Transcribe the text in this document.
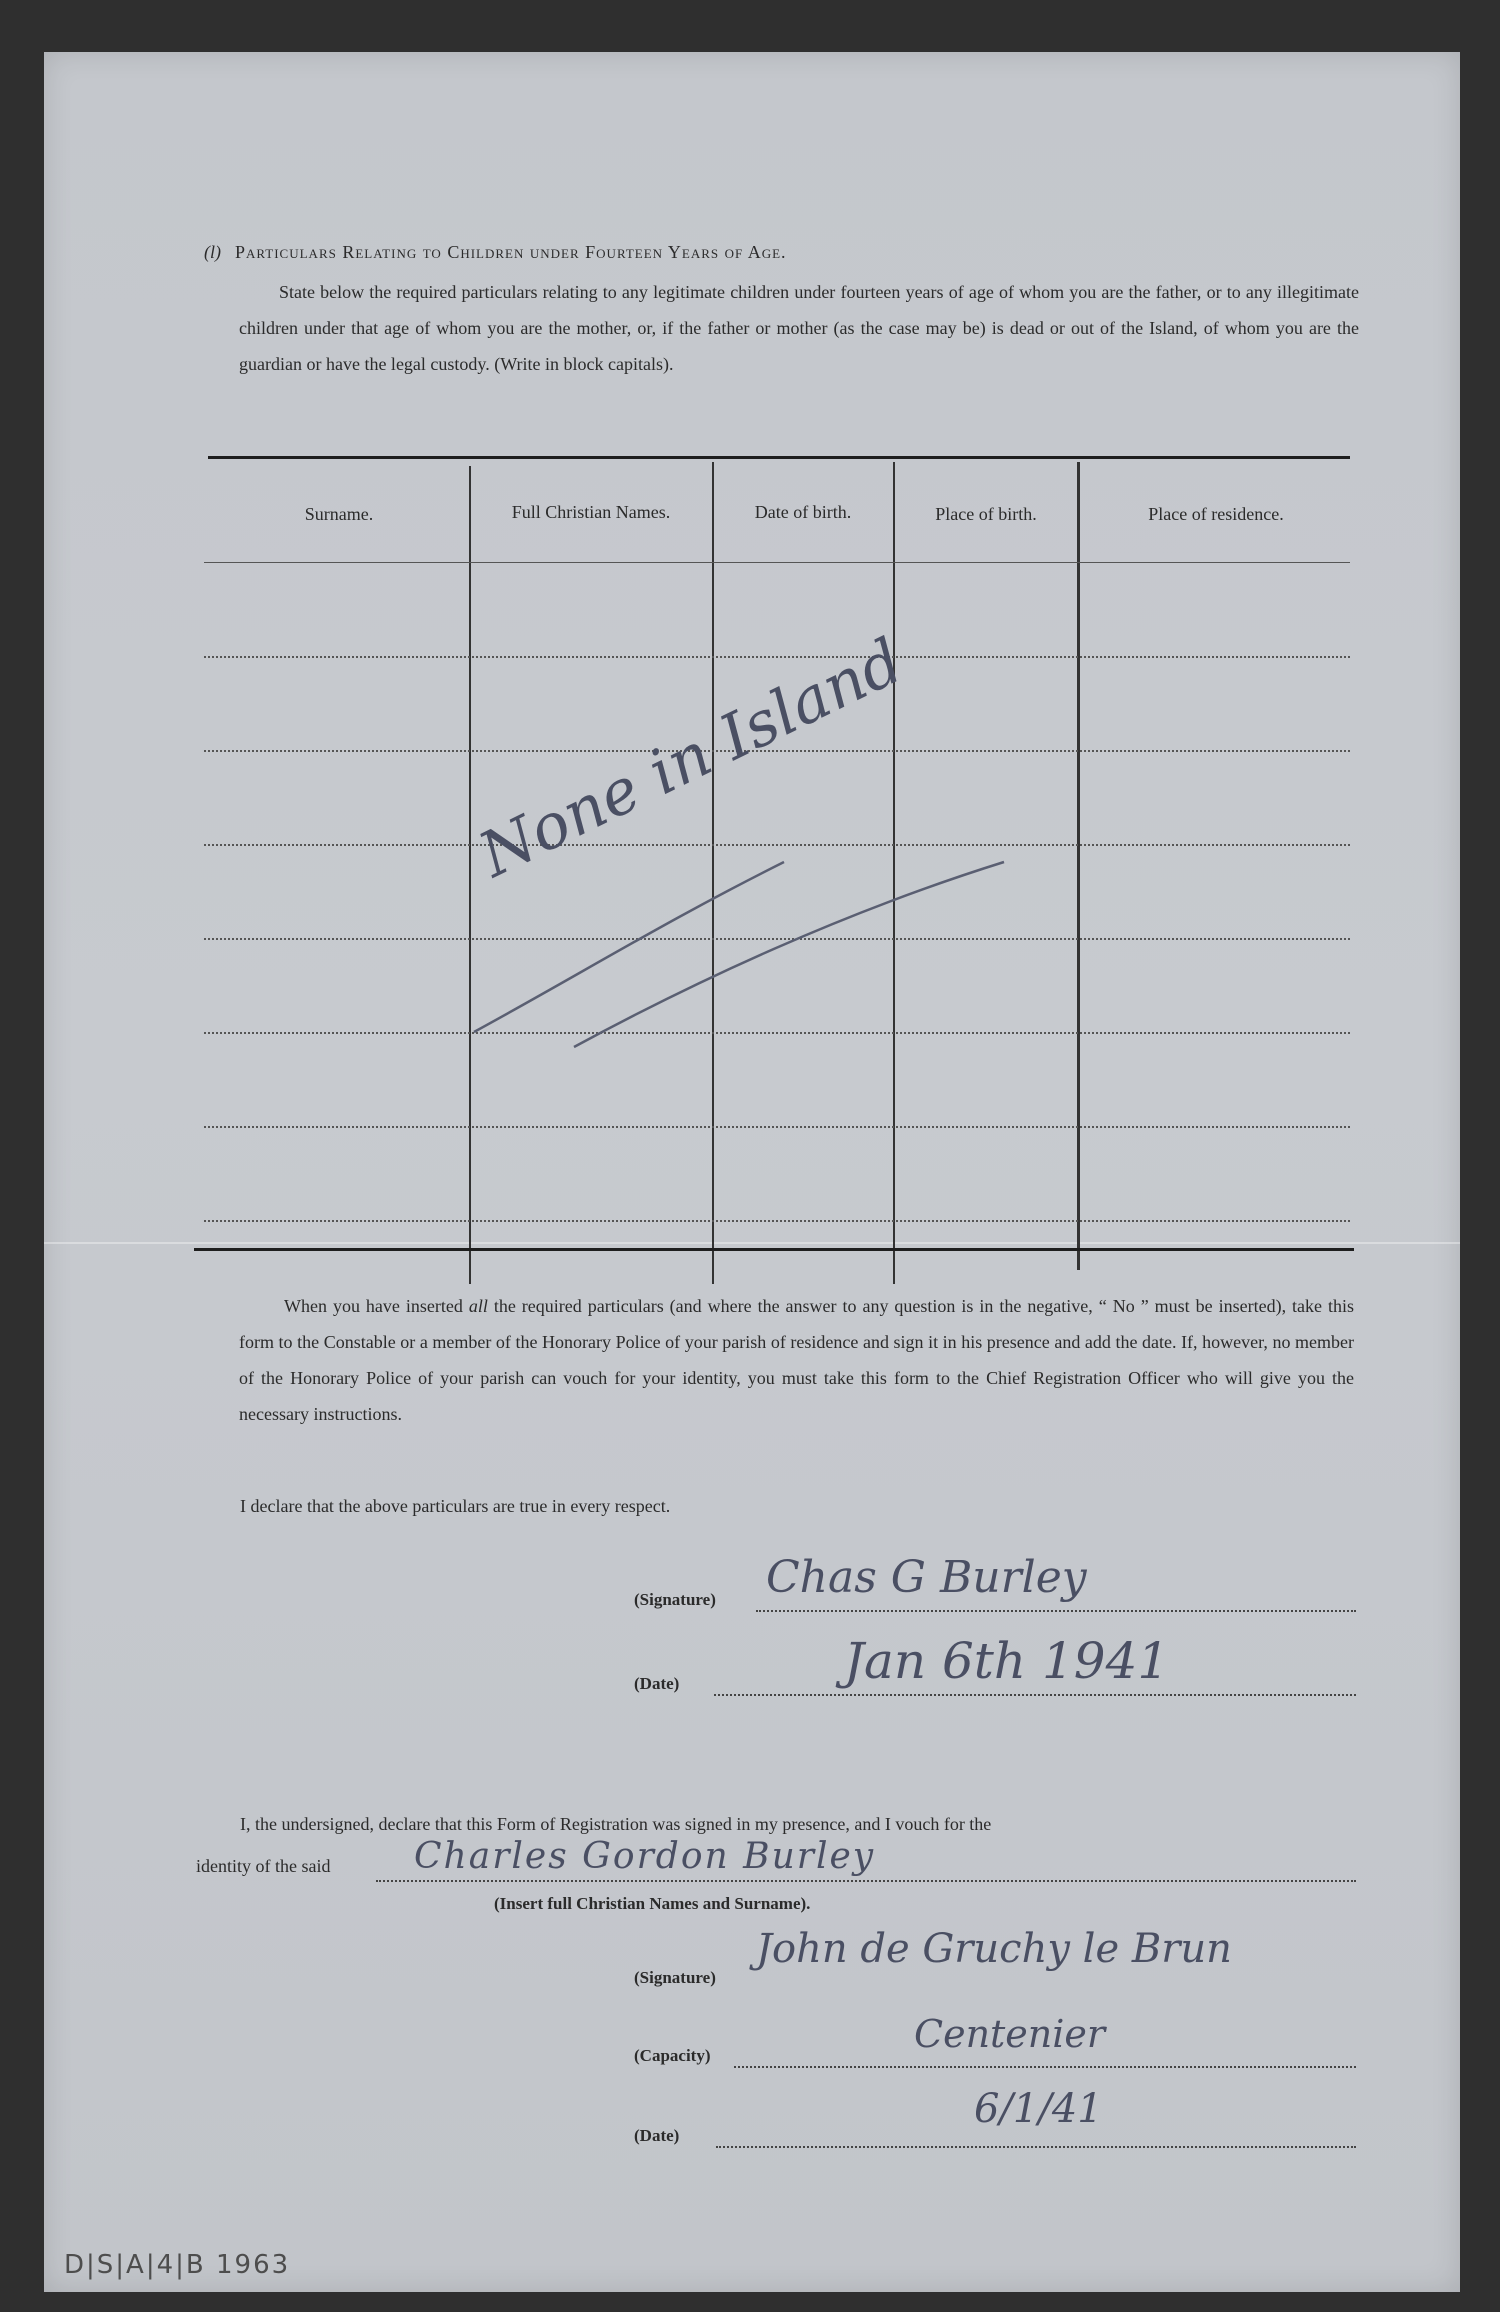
(l) Particulars Relating to Children under Fourteen Years of Age.
State below the required particulars relating to any legitimate children under fourteen years of age of whom you are the father, or to any illegitimate children under that age of whom you are the mother, or, if the father or mother (as the case may be) is dead or out of the Island, of whom you are the guardian or have the legal custody. (Write in block capitals).
Surname.	Full Christian Names.	Date of birth.	Place of birth.	Place of residence.
None in Island
When you have inserted all the required particulars (and where the answer to any question is in the negative, “ No ” must be inserted), take this form to the Constable or a member of the Honorary Police of your parish of residence and sign it in his presence and add the date. If, however, no member of the Honorary Police of your parish can vouch for your identity, you must take this form to the Chief Registration Officer who will give you the necessary instructions.
I declare that the above particulars are true in every respect.
(Signature) Chas G Burley
(Date)	Jan 6th 1941
I, the undersigned, declare that this Form of Registration was signed in my presence, and I vouch for the
identity of the said Charles Gordon Burley
(Insert full Christian Names and Surname).
(Signature)
John de Gruchy le Brun
(Capacity)	Centenier
(Date)
6/1/41
D|S|A|4|B 1963
